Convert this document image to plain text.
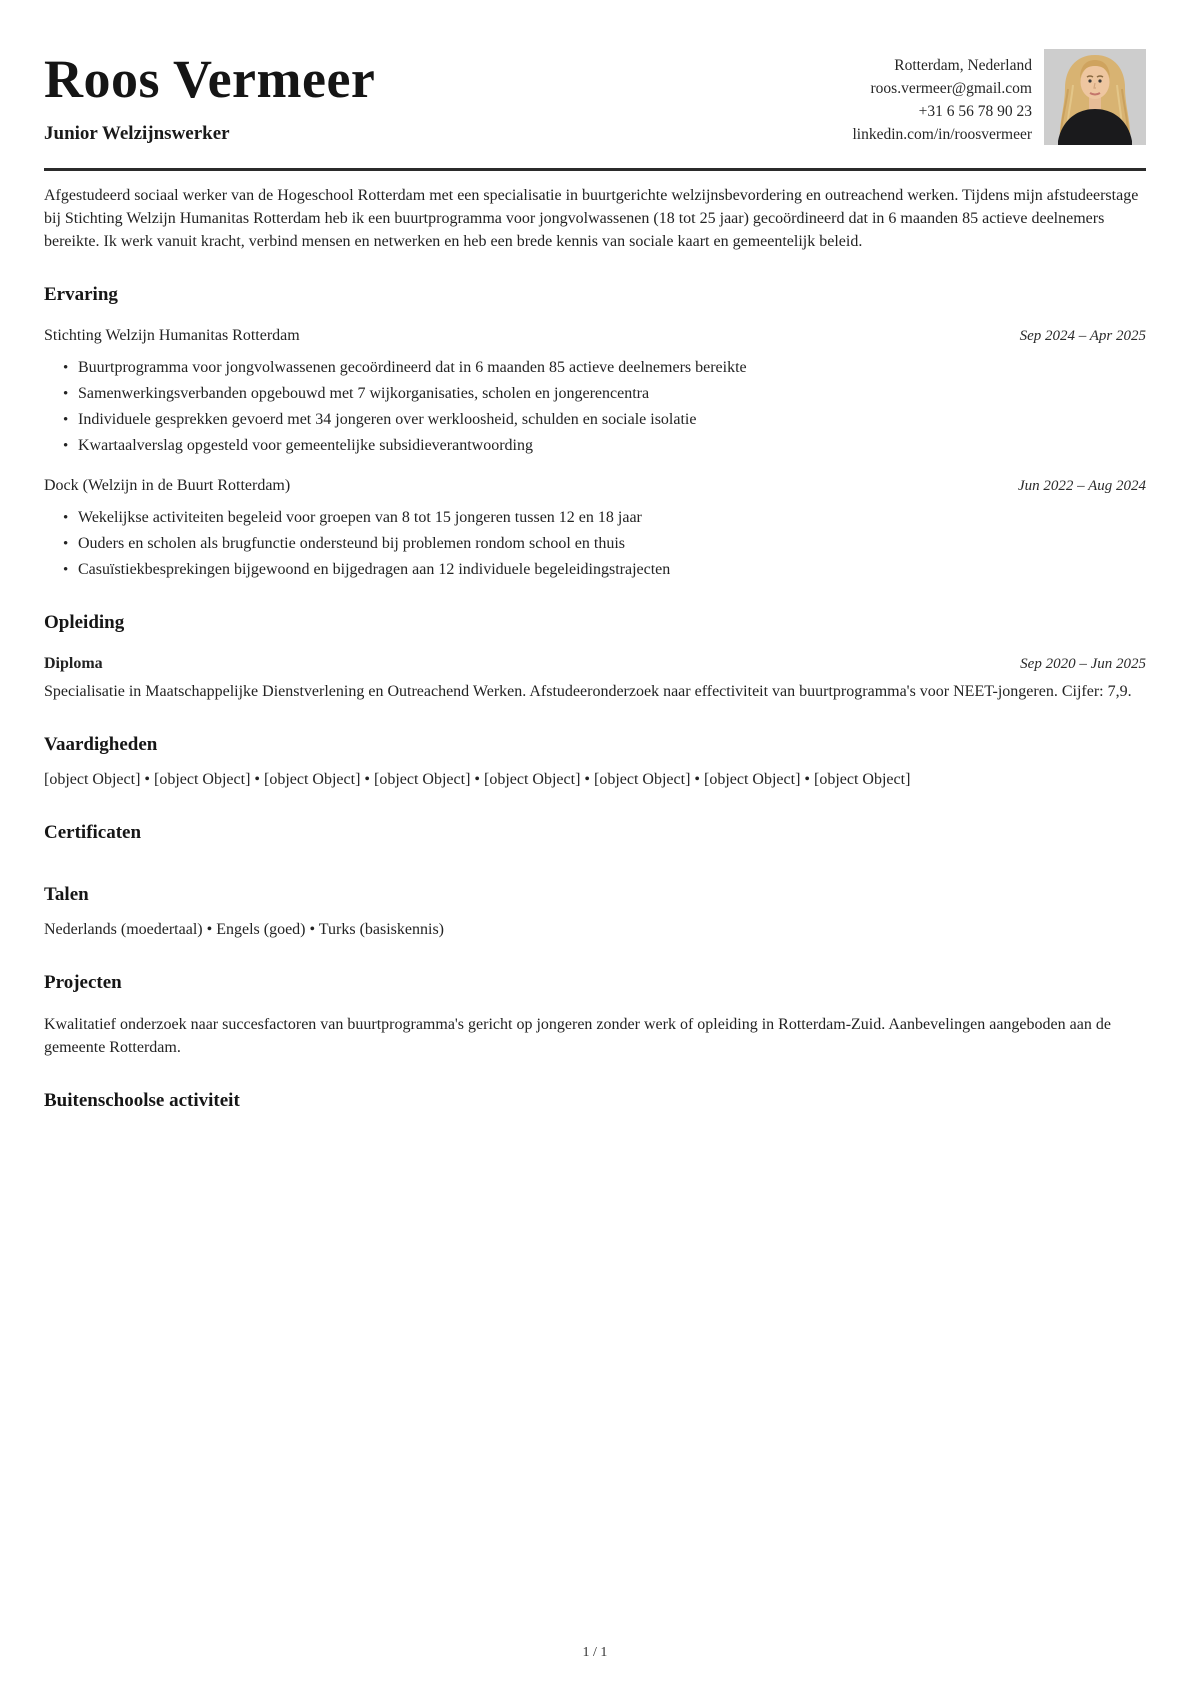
Roos Vermeer
Junior Welzijnswerker
Rotterdam, Nederland
roos.vermeer@gmail.com
+31 6 56 78 90 23
linkedin.com/in/roosvermeer

Afgestudeerd sociaal werker van de Hogeschool Rotterdam met een specialisatie in buurtgerichte welzijnsbevordering en outreachend werken. Tijdens mijn afstudeerstage bij Stichting Welzijn Humanitas Rotterdam heb ik een buurtprogramma voor jongvolwassenen (18 tot 25 jaar) gecoördineerd dat in 6 maanden 85 actieve deelnemers bereikte. Ik werk vanuit kracht, verbind mensen en netwerken en heb een brede kennis van sociale kaart en gemeentelijk beleid.

Ervaring
Stichting Welzijn Humanitas Rotterdam	Sep 2024 – Apr 2025
• Buurtprogramma voor jongvolwassenen gecoördineerd dat in 6 maanden 85 actieve deelnemers bereikte
• Samenwerkingsverbanden opgebouwd met 7 wijkorganisaties, scholen en jongerencentra
• Individuele gesprekken gevoerd met 34 jongeren over werkloosheid, schulden en sociale isolatie
• Kwartaalverslag opgesteld voor gemeentelijke subsidieverantwoording
Dock (Welzijn in de Buurt Rotterdam)	Jun 2022 – Aug 2024
• Wekelijkse activiteiten begeleid voor groepen van 8 tot 15 jongeren tussen 12 en 18 jaar
• Ouders en scholen als brugfunctie ondersteund bij problemen rondom school en thuis
• Casuïstiekbesprekingen bijgewoond en bijgedragen aan 12 individuele begeleidingstrajecten
Opleiding
Diploma	Sep 2020 – Jun 2025

Specialisatie in Maatschappelijke Dienstverlening en Outreachend Werken. Afstudeeronderzoek naar effectiviteit van buurtprogramma's voor NEET-jongeren. Cijfer: 7,9.

Vaardigheden
[object Object] • [object Object] • [object Object] • [object Object] • [object Object] • [object Object] • [object Object] • [object Object]
Certificaten
Talen
Nederlands (moedertaal) • Engels (goed) • Turks (basiskennis)
Projecten

Kwalitatief onderzoek naar succesfactoren van buurtprogramma's gericht op jongeren zonder werk of opleiding in Rotterdam-Zuid. Aanbevelingen aangeboden aan de gemeente Rotterdam.

Buitenschoolse activiteit
1 / 1
